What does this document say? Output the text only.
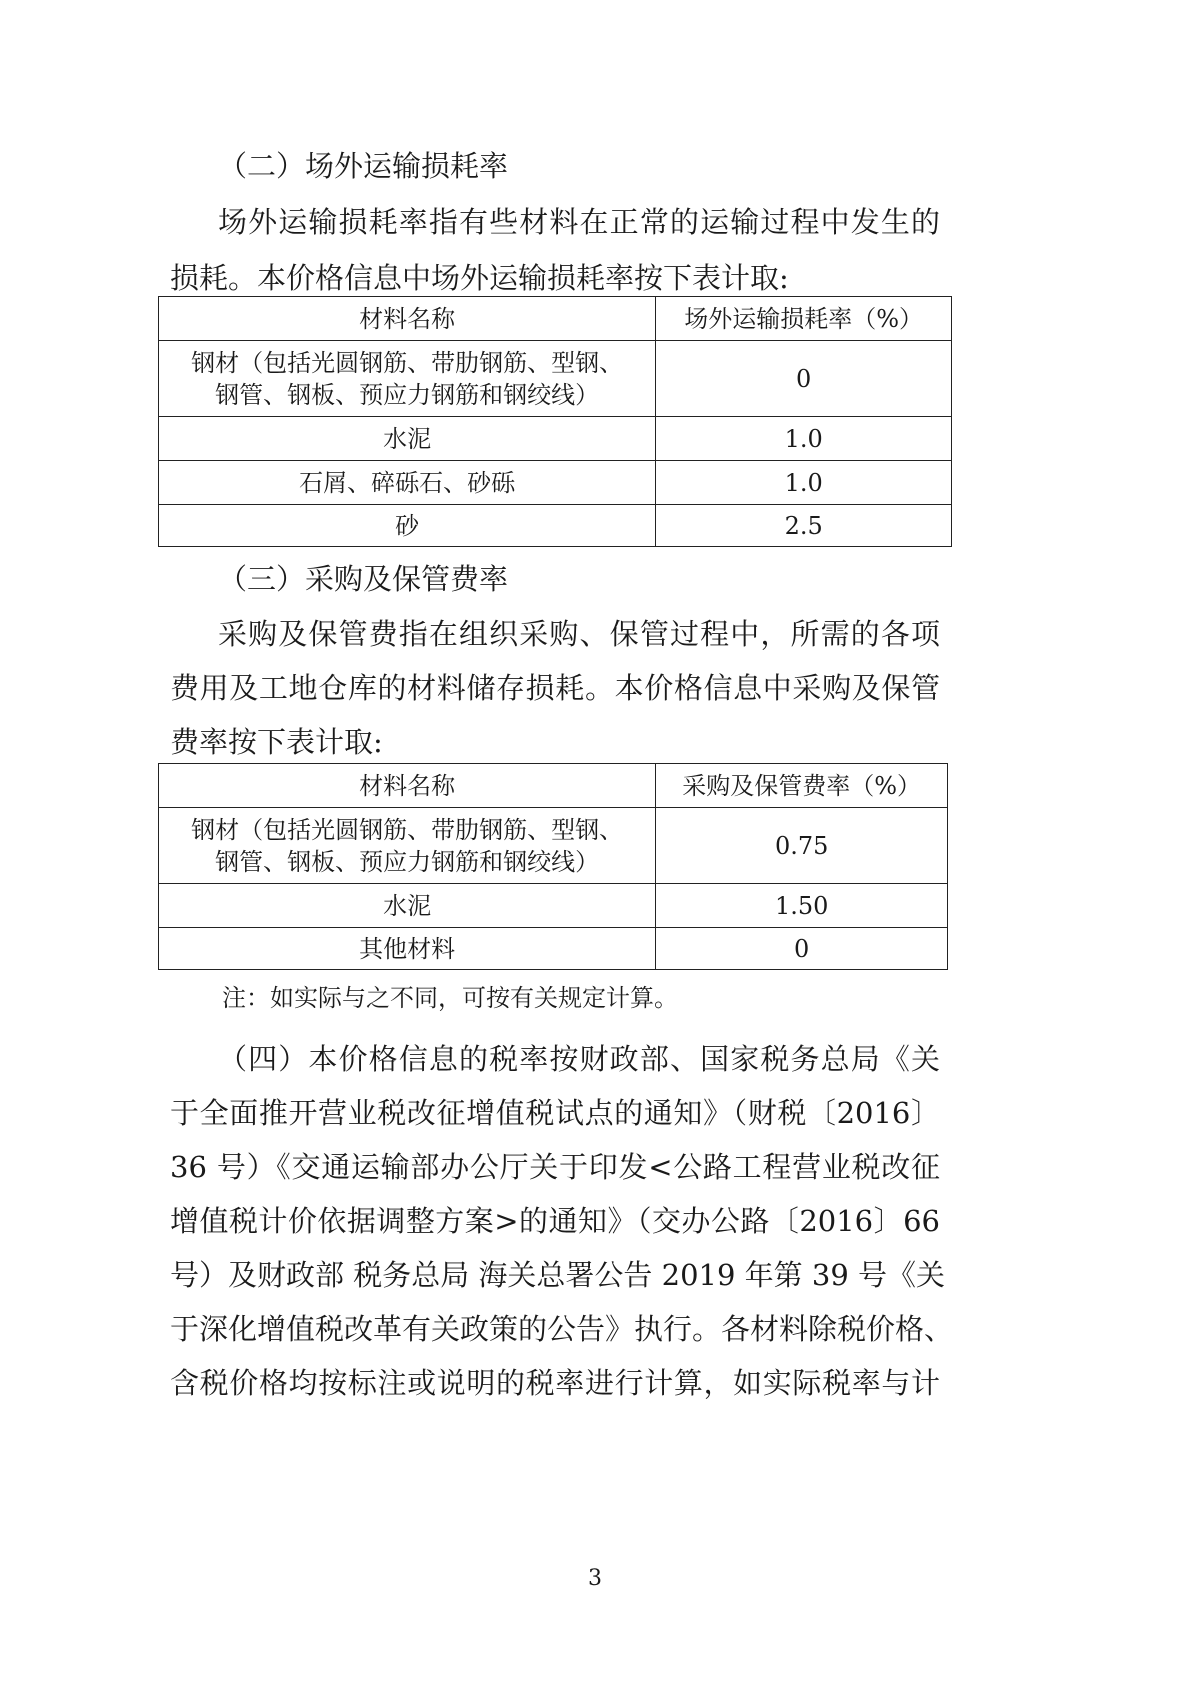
（二）场外运输损耗率
场外运输损耗率指有些材料在正常的运输过程中发生的
损耗。本价格信息中场外运输损耗率按下表计取:
材料名称	场外运输损耗率（%）

钢材（包括光圆钢筋、带肋钢筋、型钢、
钢管、钢板、预应力钢筋和钢绞线）	0
水泥	1.0
石屑、碎砾石、砂砾	1.0
砂	2.5
（三）采购及保管费率
采购及保管费指在组织采购、保管过程中，所需的各项
费用及工地仓库的材料储存损耗。本价格信息中采购及保管
费率按下表计取:
材料名称	采购及保管费率（%）

钢材（包括光圆钢筋、带肋钢筋、型钢、
钢管、钢板、预应力钢筋和钢绞线）	0.75
水泥	1.50
其他材料	0
注：如实际与之不同，可按有关规定计算。
（四）本价格信息的税率按财政部、国家税务总局《关
于全面推开营业税改征增值税试点的通知》（财税〔2016〕
36 号）《交通运输部办公厅关于印发<公路工程营业税改征
增值税计价依据调整方案>的通知》（交办公路〔2016〕66
号）及财政部 税务总局 海关总署公告 2019 年第 39 号《关
于深化增值税改革有关政策的公告》执行。各材料除税价格、
含税价格均按标注或说明的税率进行计算，如实际税率与计
3
